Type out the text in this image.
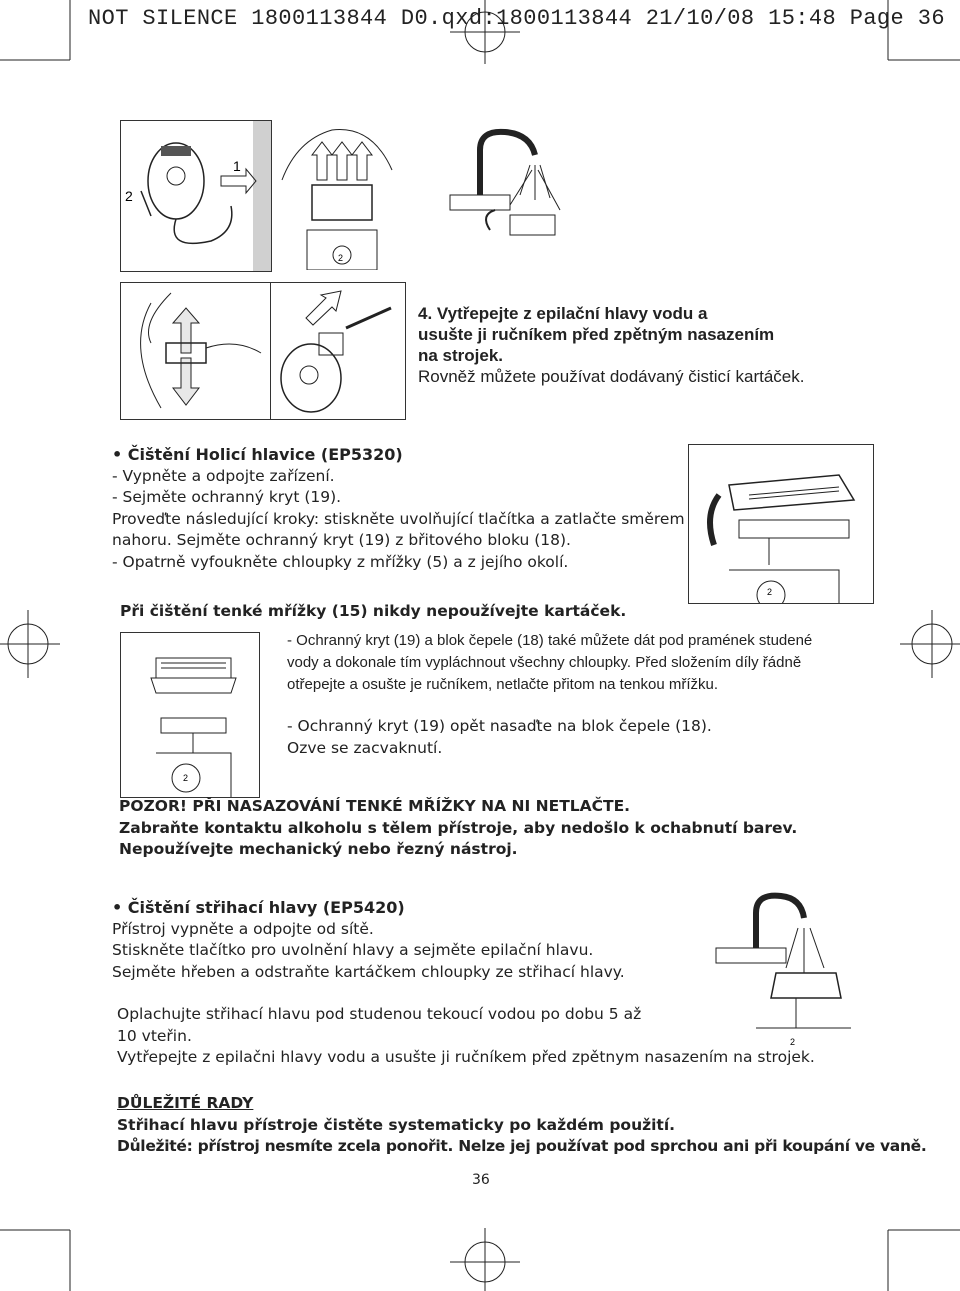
NOT SILENCE 1800113844 D0.qxd:1800113844 21/10/08 15:48 Page 36
1
2
2
4. Vytřepejte z epilační hlavy vodu a
usušte ji ručníkem před zpětným nasazením
na strojek.
Rovněž můžete používat dodávaný čisticí kartáček.
• Čištění Holicí hlavice (EP5320)
- Vypněte a odpojte zařízení.
- Sejměte ochranný kryt (19).
Proveďte následující kroky: stiskněte uvolňující tlačítka a zatlačte směrem
nahoru. Sejměte ochranný kryt (19) z břitového bloku (18).
- Opatrně vyfoukněte chloupky z mřížky (5) a z jejího okolí.
2
Při čištění tenké mřížky (15) nikdy nepoužívejte kartáček.
2
- Ochranný kryt (19) a blok čepele (18) také můžete dát pod pramének studené
vody a dokonale tím vypláchnout všechny chloupky. Před složením díly řádně
otřepejte a osušte je ručníkem, netlačte přitom na tenkou mřížku.
- Ochranný kryt (19) opět nasaďte na blok čepele (18).
Ozve se zacvaknutí.
POZOR! PŘI NASAZOVÁNÍ TENKÉ MŘÍŽKY NA NI NETLAČTE.
Zabraňte kontaktu alkoholu s tělem přístroje, aby nedošlo k ochabnutí barev.
Nepoužívejte mechanický nebo řezný nástroj.
2
• Čištění střihací hlavy (EP5420)
Přístroj vypněte a odpojte od sítě.
Stiskněte tlačítko pro uvolnění hlavy a sejměte epilační hlavu.
Sejměte hřeben a odstraňte kartáčkem chloupky ze střihací hlavy.
Oplachujte střihací hlavu pod studenou tekoucí vodou po dobu 5 až
10 vteřin.
Vytřepejte z epilačni hlavy vodu a usušte ji ručníkem před zpětnym nasazením na strojek.
DŮLEŽITÉ RADY
Střihací hlavu přístroje čistěte systematicky po každém použití.
Důležité: přístroj nesmíte zcela ponořit. Nelze jej používat pod sprchou ani při koupání ve vaně.
36
